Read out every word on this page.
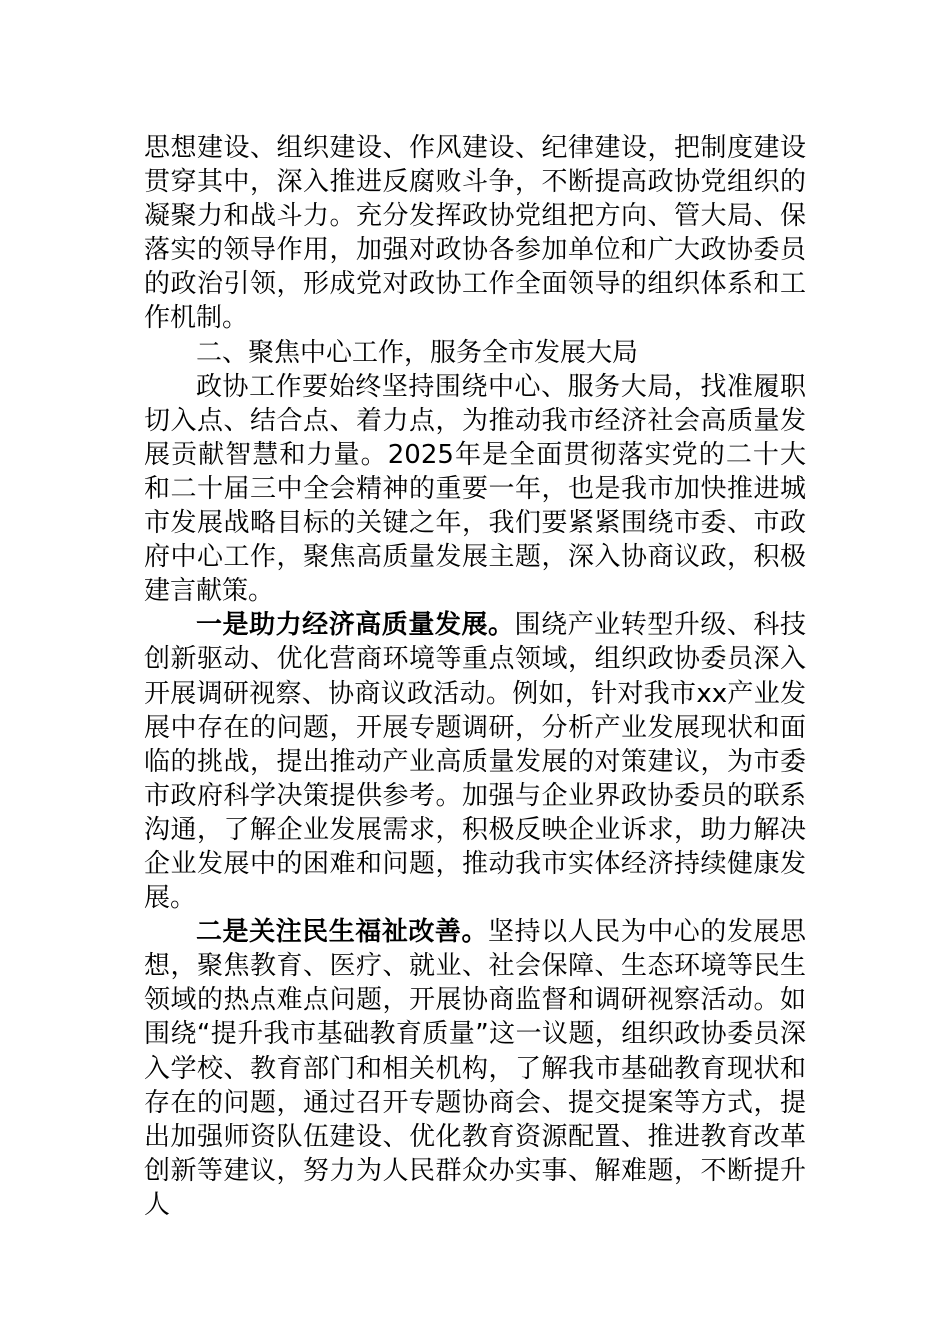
思想建设、组织建设、作风建设、纪律建设，把制度建设贯穿其中，深入推进反腐败斗争，不断提高政协党组织的凝聚力和战斗力。充分发挥政协党组把方向、管大局、保落实的领导作用，加强对政协各参加单位和广大政协委员的政治引领，形成党对政协工作全面领导的组织体系和工作机制。

二、聚焦中心工作，服务全市发展大局

政协工作要始终坚持围绕中心、服务大局，找准履职切入点、结合点、着力点，为推动我市经济社会高质量发展贡献智慧和力量。2025年是全面贯彻落实党的二十大和二十届三中全会精神的重要一年，也是我市加快推进城市发展战略目标的关键之年，我们要紧紧围绕市委、市政府中心工作，聚焦高质量发展主题，深入协商议政，积极建言献策。

一是助力经济高质量发展。围绕产业转型升级、科技创新驱动、优化营商环境等重点领域，组织政协委员深入开展调研视察、协商议政活动。例如，针对我市xx产业发展中存在的问题，开展专题调研，分析产业发展现状和面临的挑战，提出推动产业高质量发展的对策建议，为市委市政府科学决策提供参考。加强与企业界政协委员的联系沟通，了解企业发展需求，积极反映企业诉求，助力解决企业发展中的困难和问题，推动我市实体经济持续健康发展。

二是关注民生福祉改善。坚持以人民为中心的发展思想，聚焦教育、医疗、就业、社会保障、生态环境等民生领域的热点难点问题，开展协商监督和调研视察活动。如围绕“提升我市基础教育质量”这一议题，组织政协委员深入学校、教育部门和相关机构，了解我市基础教育现状和存在的问题，通过召开专题协商会、提交提案等方式，提出加强师资队伍建设、优化教育资源配置、推进教育改革创新等建议，努力为人民群众办实事、解难题，不断提升人
